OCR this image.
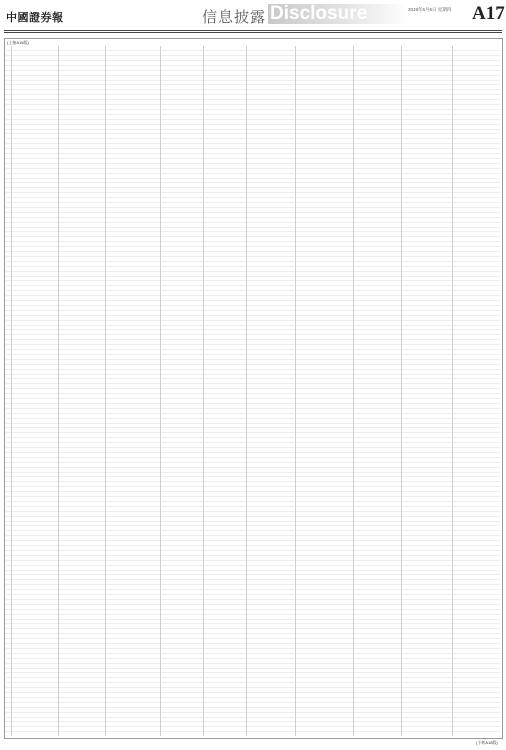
中國證券報	信息披露 Disclosure	2019年6月6日 星期四 A17
(上接A16版)
(下转A18版)
